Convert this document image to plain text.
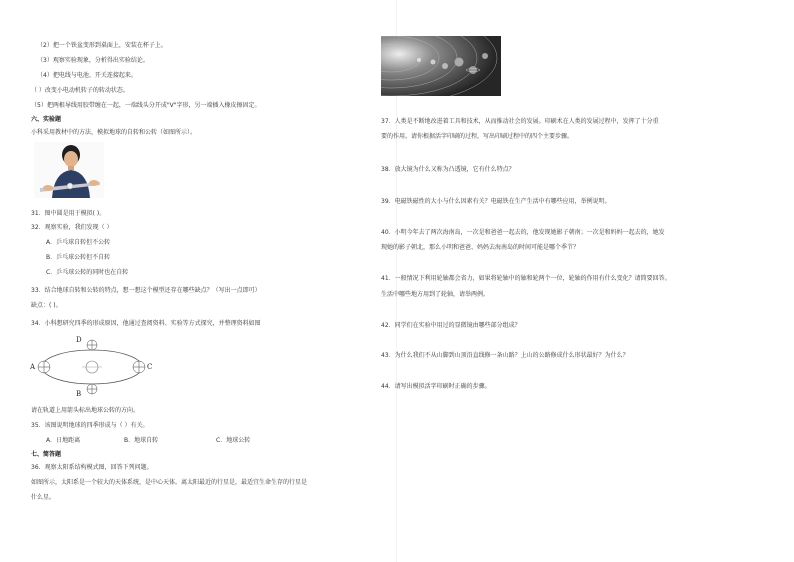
（2）把一个铁盆变形到桌面上，安装在杯子上。
（3）观察实验现象，分析得出实验结论。
（4）把电线与电池、开关连接起来。
（ ）改变小电动机转子的转动状态。
（5）把两根导线用胶带缠在一起，一端线头分开成"V"字形，另一端插入橡皮擦固定。
六、实验题
小科采用教材中的方法，模拟地球的自转和公转（如图所示）。
31．图中圆是用于模拟( )。
32．观察实验，我们发现（ ）
A．乒乓球自转但不公转
B．乒乓球公转但不自转
C．乒乓球公转的同时也在自转
33．结合地球自转和公转的特点，想一想这个模型还存在哪些缺点？（写出一点即可）
缺点：( )。
34．小科想研究四季的形成原因，他通过查阅资料、实验等方式探究，并整理资料如图
D
A
B
C
请在轨道上用箭头标出地球公转的方向。
35．该图说明地球的四季形成与（ ）有关。
A．日地距离	B．地球自转	C．地球公转
七、简答题
36．观察太阳系结构模式图，回答下列问题。
如图所示，太阳系是一个较大的天体系统，是中心天体。离太阳最近的行星是，最适宜生命生存的行星是
什么星。
37．人类是不断地改进着工具和技术，从而推动社会的发展。印刷术在人类的发展过程中，发挥了十分重
要的作用。请你根据活字印刷的过程，写出印刷过程中的四个主要步骤。
38．放大镜为什么又称为凸透镜，它有什么特点？
39．电磁铁磁性的大小与什么因素有关？电磁铁在生产生活中有哪些应用，举例说明。
40．小明今年去了两次海南岛，一次是和爸爸一起去的，他发现她影子朝南；一次是和妈妈一起去的，她发
现她的影子朝北，那么小明和爸爸、妈妈去海南岛的时间可能是哪个季节？
41．一般情况下利用轮轴都会省力，如果将轮轴中的轴和轮两个一位，轮轴的作用有什么变化？请简要回答。
生活中哪些地方用到了轮轴，请举两例。
42．同学们在实验中用过的显微镜由哪些部分组成？
43．为什么我们不从山脚到山顶沿直线修一条山路？上山的公路修成什么形状最好？为什么？
44．请写出模拟活字印刷时正确的步骤。
